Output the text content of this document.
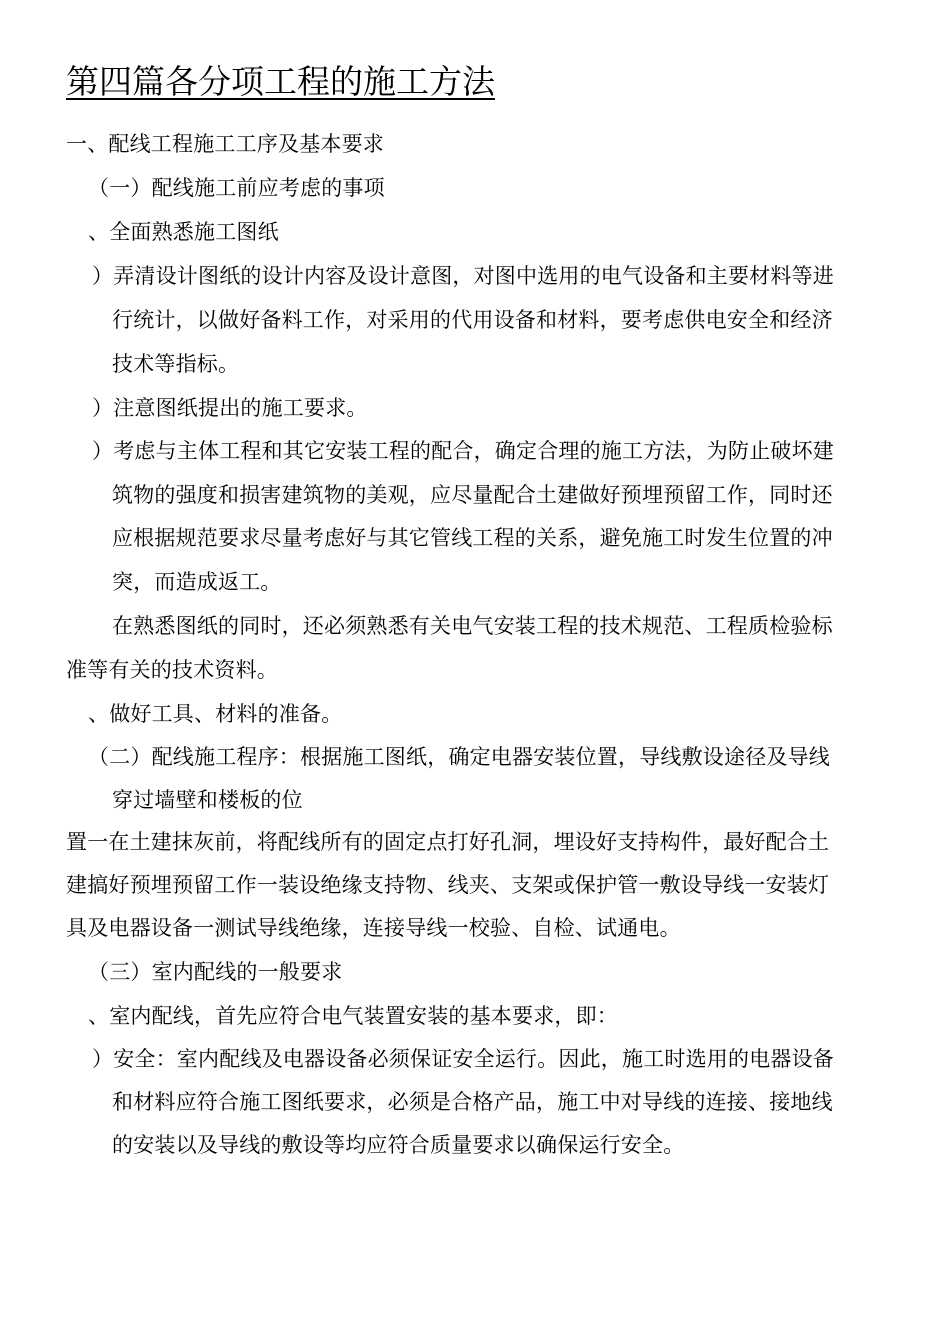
第四篇各分项工程的施工方法
一、配线工程施工工序及基本要求
（一）配线施工前应考虑的事项
、全面熟悉施工图纸
）弄清设计图纸的设计内容及设计意图，对图中选用的电气设备和主要材料等进
行统计，以做好备料工作，对采用的代用设备和材料，要考虑供电安全和经济
技术等指标。
）注意图纸提出的施工要求。
）考虑与主体工程和其它安装工程的配合，确定合理的施工方法，为防止破坏建
筑物的强度和损害建筑物的美观，应尽量配合土建做好预埋预留工作，同时还
应根据规范要求尽量考虑好与其它管线工程的关系，避免施工时发生位置的冲
突，而造成返工。
在熟悉图纸的同时，还必须熟悉有关电气安装工程的技术规范、工程质检验标
准等有关的技术资料。
、做好工具、材料的准备。
（二）配线施工程序：根据施工图纸，确定电器安装位置，导线敷设途径及导线
穿过墙壁和楼板的位
置一在土建抹灰前，将配线所有的固定点打好孔洞，埋设好支持构件，最好配合土
建搞好预埋预留工作一装设绝缘支持物、线夹、支架或保护管一敷设导线一安装灯
具及电器设备一测试导线绝缘，连接导线一校验、自检、试通电。
（三）室内配线的一般要求
、室内配线，首先应符合电气装置安装的基本要求，即：
）安全：室内配线及电器设备必须保证安全运行。因此，施工时选用的电器设备
和材料应符合施工图纸要求，必须是合格产品，施工中对导线的连接、接地线
的安装以及导线的敷设等均应符合质量要求以确保运行安全。
